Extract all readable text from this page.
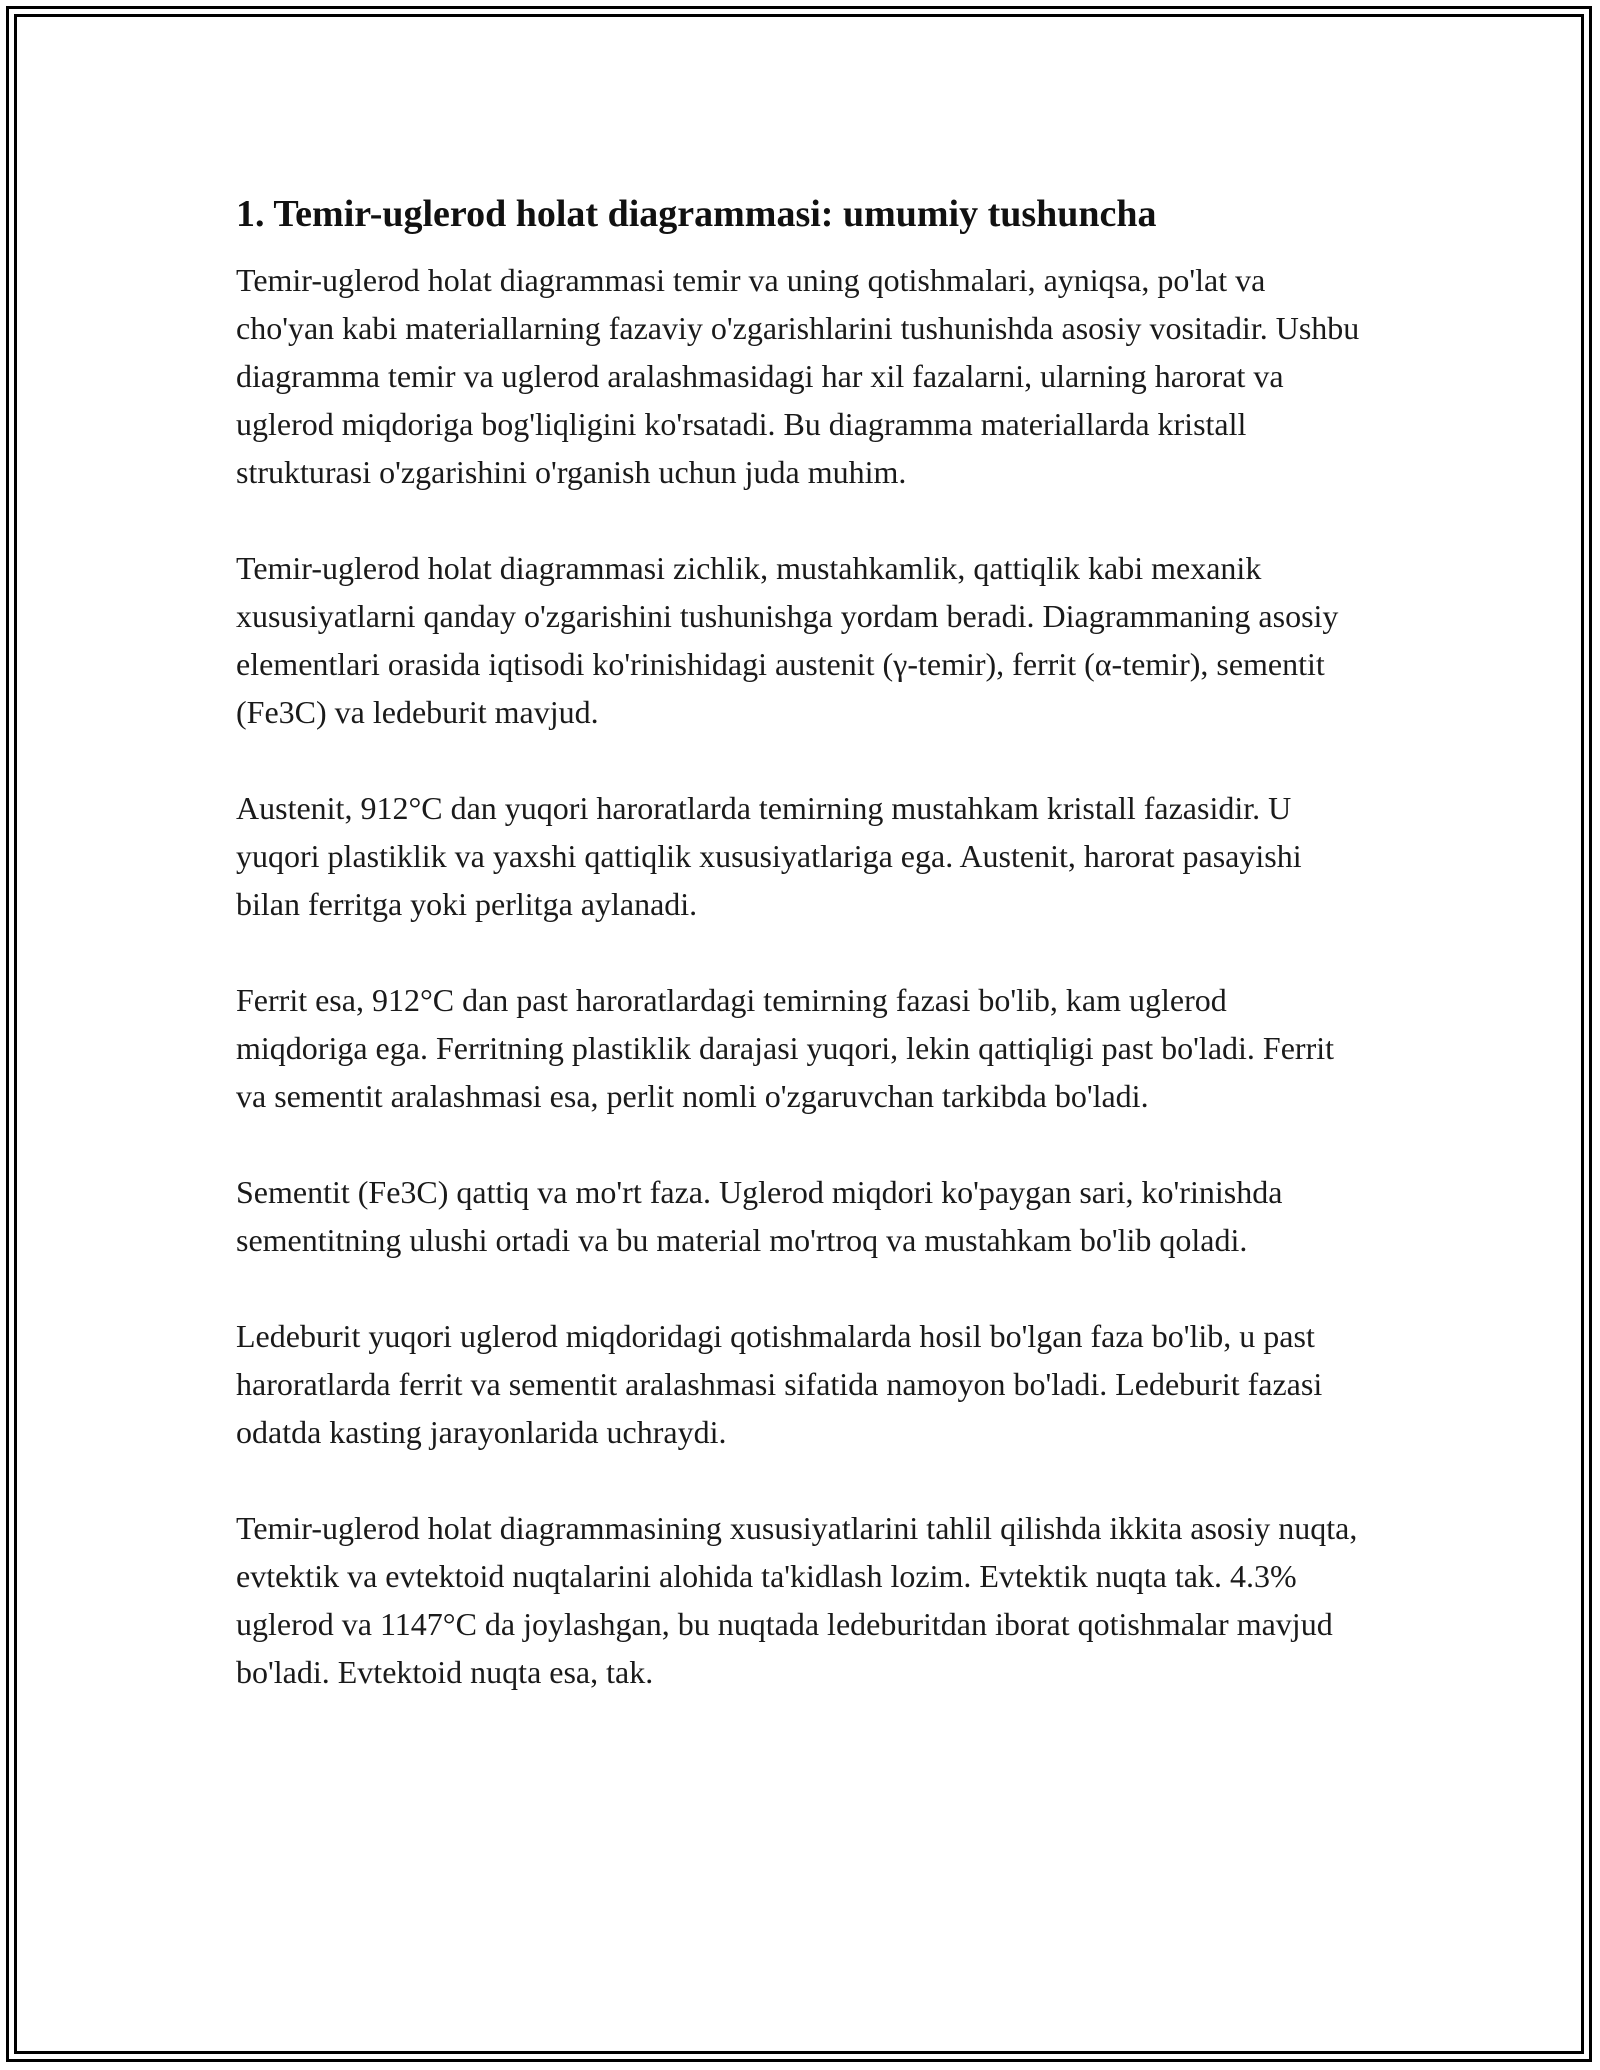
1. Temir-uglerod holat diagrammasi: umumiy tushuncha

Temir-uglerod holat diagrammasi temir va uning qotishmalari, ayniqsa, po'lat va cho'yan kabi materiallarning fazaviy o'zgarishlarini tushunishda asosiy vositadir. Ushbu diagramma temir va uglerod aralashmasidagi har xil fazalarni, ularning harorat va uglerod miqdoriga bog'liqligini ko'rsatadi. Bu diagramma materiallarda kristall strukturasi o'zgarishini o'rganish uchun juda muhim.

Temir-uglerod holat diagrammasi zichlik, mustahkamlik, qattiqlik kabi mexanik xususiyatlarni qanday o'zgarishini tushunishga yordam beradi. Diagrammaning asosiy elementlari orasida iqtisodi ko'rinishidagi austenit (γ-temir), ferrit (α-temir), sementit (Fe3C) va ledeburit mavjud.

Austenit, 912°C dan yuqori haroratlarda temirning mustahkam kristall fazasidir. U yuqori plastiklik va yaxshi qattiqlik xususiyatlariga ega. Austenit, harorat pasayishi bilan ferritga yoki perlitga aylanadi.

Ferrit esa, 912°C dan past haroratlardagi temirning fazasi bo'lib, kam uglerod miqdoriga ega. Ferritning plastiklik darajasi yuqori, lekin qattiqligi past bo'ladi. Ferrit va sementit aralashmasi esa, perlit nomli o'zgaruvchan tarkibda bo'ladi.

Sementit (Fe3C) qattiq va mo'rt faza. Uglerod miqdori ko'paygan sari, ko'rinishda sementitning ulushi ortadi va bu material mo'rtroq va mustahkam bo'lib qoladi.

Ledeburit yuqori uglerod miqdoridagi qotishmalarda hosil bo'lgan faza bo'lib, u past haroratlarda ferrit va sementit aralashmasi sifatida namoyon bo'ladi. Ledeburit fazasi odatda kasting jarayonlarida uchraydi.

Temir-uglerod holat diagrammasining xususiyatlarini tahlil qilishda ikkita asosiy nuqta, evtektik va evtektoid nuqtalarini alohida ta'kidlash lozim. Evtektik nuqta tak. 4.3% uglerod va 1147°C da joylashgan, bu nuqtada ledeburitdan iborat qotishmalar mavjud bo'ladi. Evtektoid nuqta esa, tak.
